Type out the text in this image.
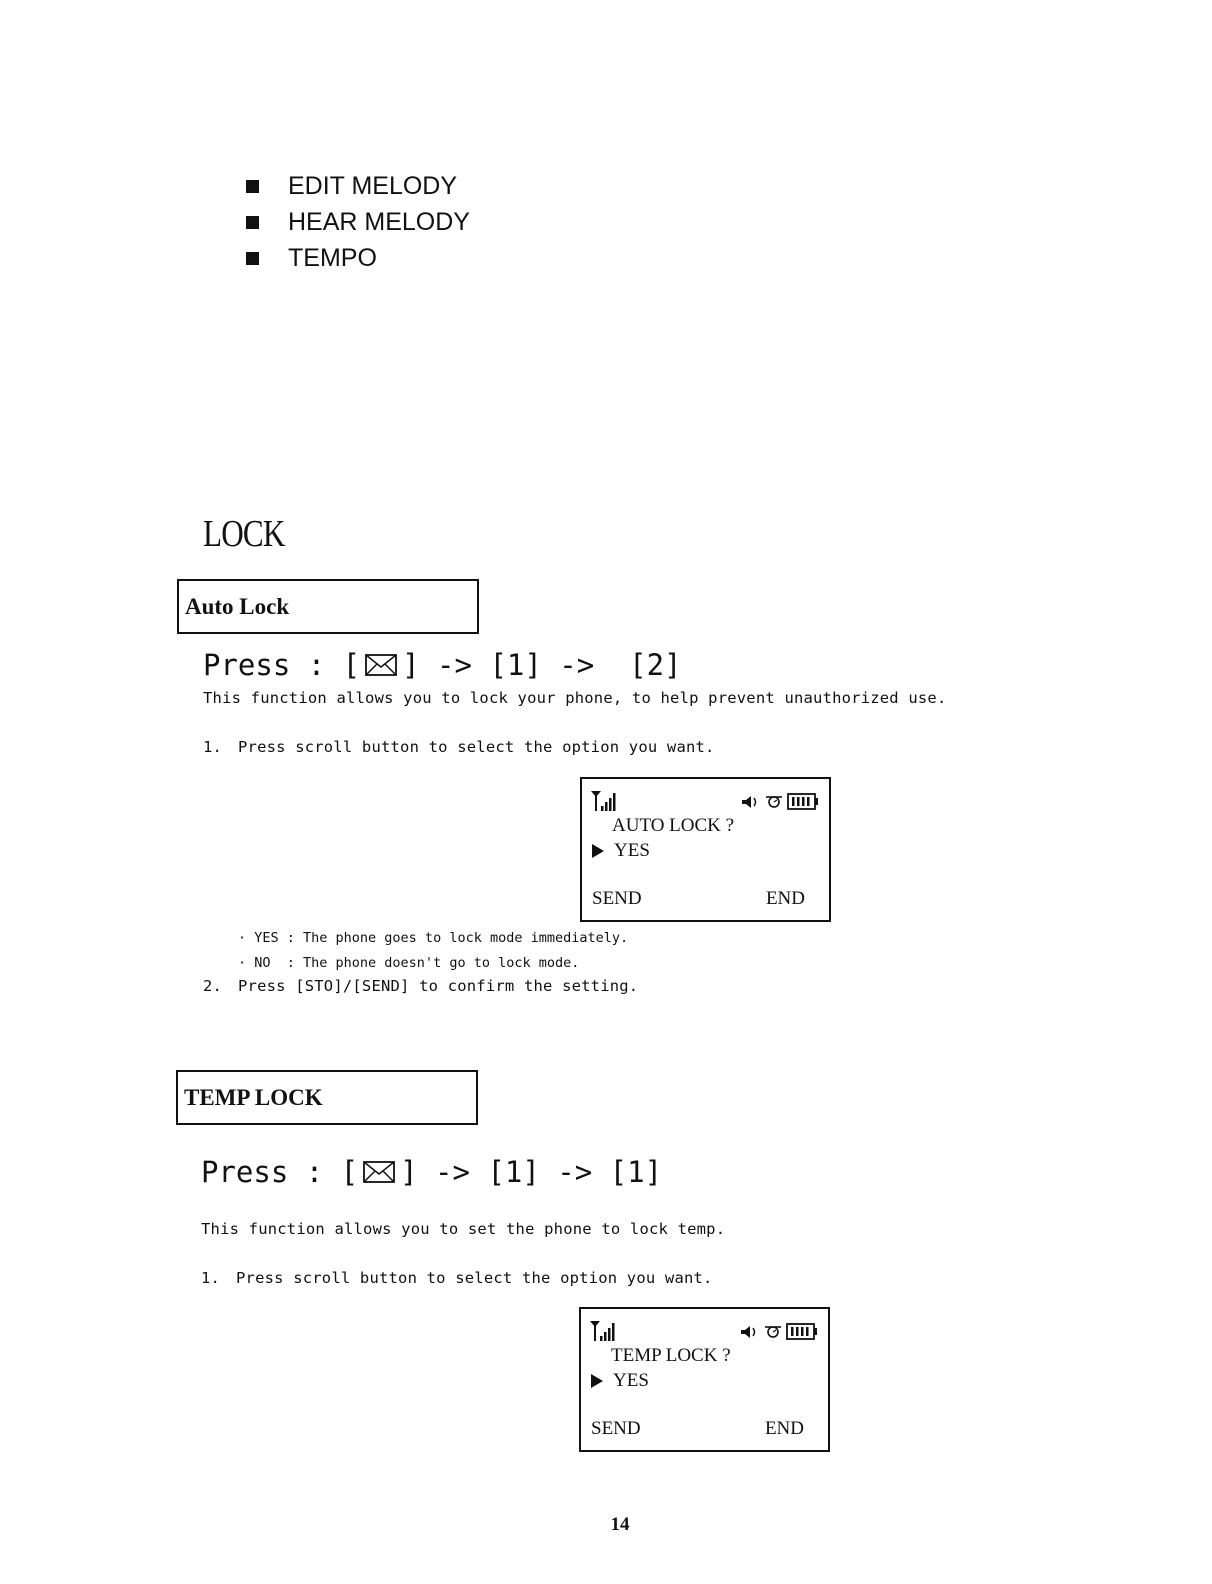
EDIT MELODY
HEAR MELODY
TEMPO
LOCK
Auto Lock
Press : [ ] -> [1] ->  [2]
This function allows you to lock your phone, to help prevent unauthorized use.
1. Press scroll button to select the option you want.
AUTO LOCK ?
YES
SEND	END
· YES : The phone goes to lock mode immediately.
· NO  : The phone doesn't go to lock mode.
2. Press [STO]/[SEND] to confirm the setting.
TEMP LOCK
Press : [ ] -> [1] -> [1]
This function allows you to set the phone to lock temp.
1. Press scroll button to select the option you want.
TEMP LOCK ?
YES
SEND	END
14
